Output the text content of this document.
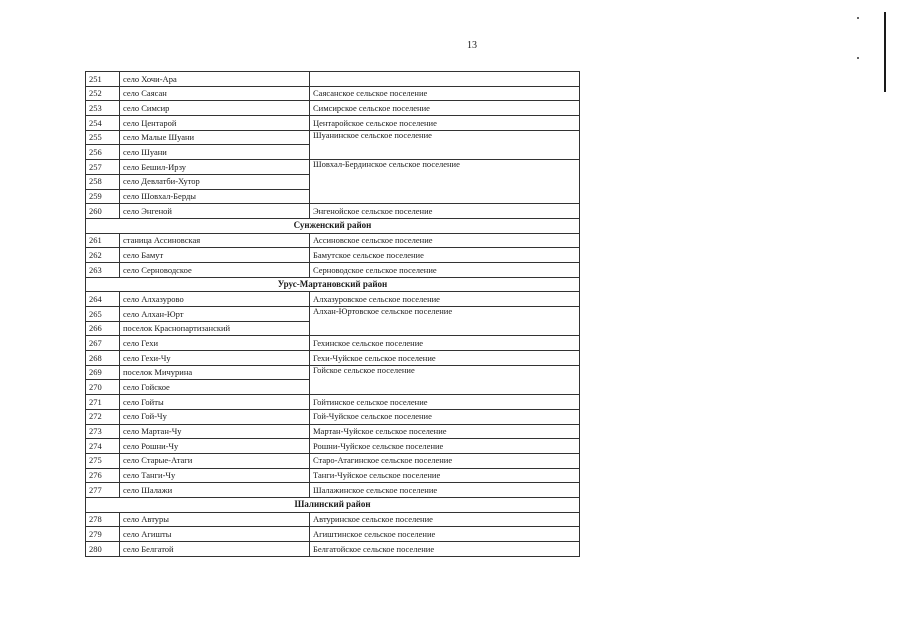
13
251	село Хочи-Ара	
252	село Саясан	Саясанское сельское поселение
253	село Симсир	Симсирское сельское поселение
254	село Центарой	Центаройское сельское поселение
255	село Малые Шуани	Шуанинское сельское поселение
256	село Шуани	
257	село Бешил-Ирзу	Шовхал-Бердинское сельское поселение
258	село Девлатби-Хутор	
259	село Шовхал-Берды	
260	село Энгеной	Энгенойское сельское поселение
Сунженский район		
261	станица Ассиновская	Ассиновское сельское поселение
262	село Бамут	Бамутское сельское поселение
263	село Серноводское	Серноводское сельское поселение
Урус-Мартановский район		
264	село Алхазурово	Алхазуровское сельское поселение
265	село Алхан-Юрт	Алхан-Юртовское сельское поселение
266	поселок Краснопартизанский	
267	село Гехи	Гехинское сельское поселение
268	село Гехи-Чу	Гехи-Чуйское сельское поселение
269	поселок Мичурина	Гойское сельское поселение
270	село Гойское	
271	село Гойты	Гойтинское сельское поселение
272	село Гой-Чу	Гой-Чуйское сельское поселение
273	село Мартан-Чу	Мартан-Чуйское сельское поселение
274	село Рошни-Чу	Рошни-Чуйское сельское поселение
275	село Старые-Атаги	Старо-Атагинское сельское поселение
276	село Танги-Чу	Танги-Чуйское сельское поселение
277	село Шалажи	Шалажинское сельское поселение
Шалинский район		
278	село Автуры	Автуринское сельское поселение
279	село Агишты	Агиштинское сельское поселение
280	село Белгатой	Белгатойское сельское поселение
